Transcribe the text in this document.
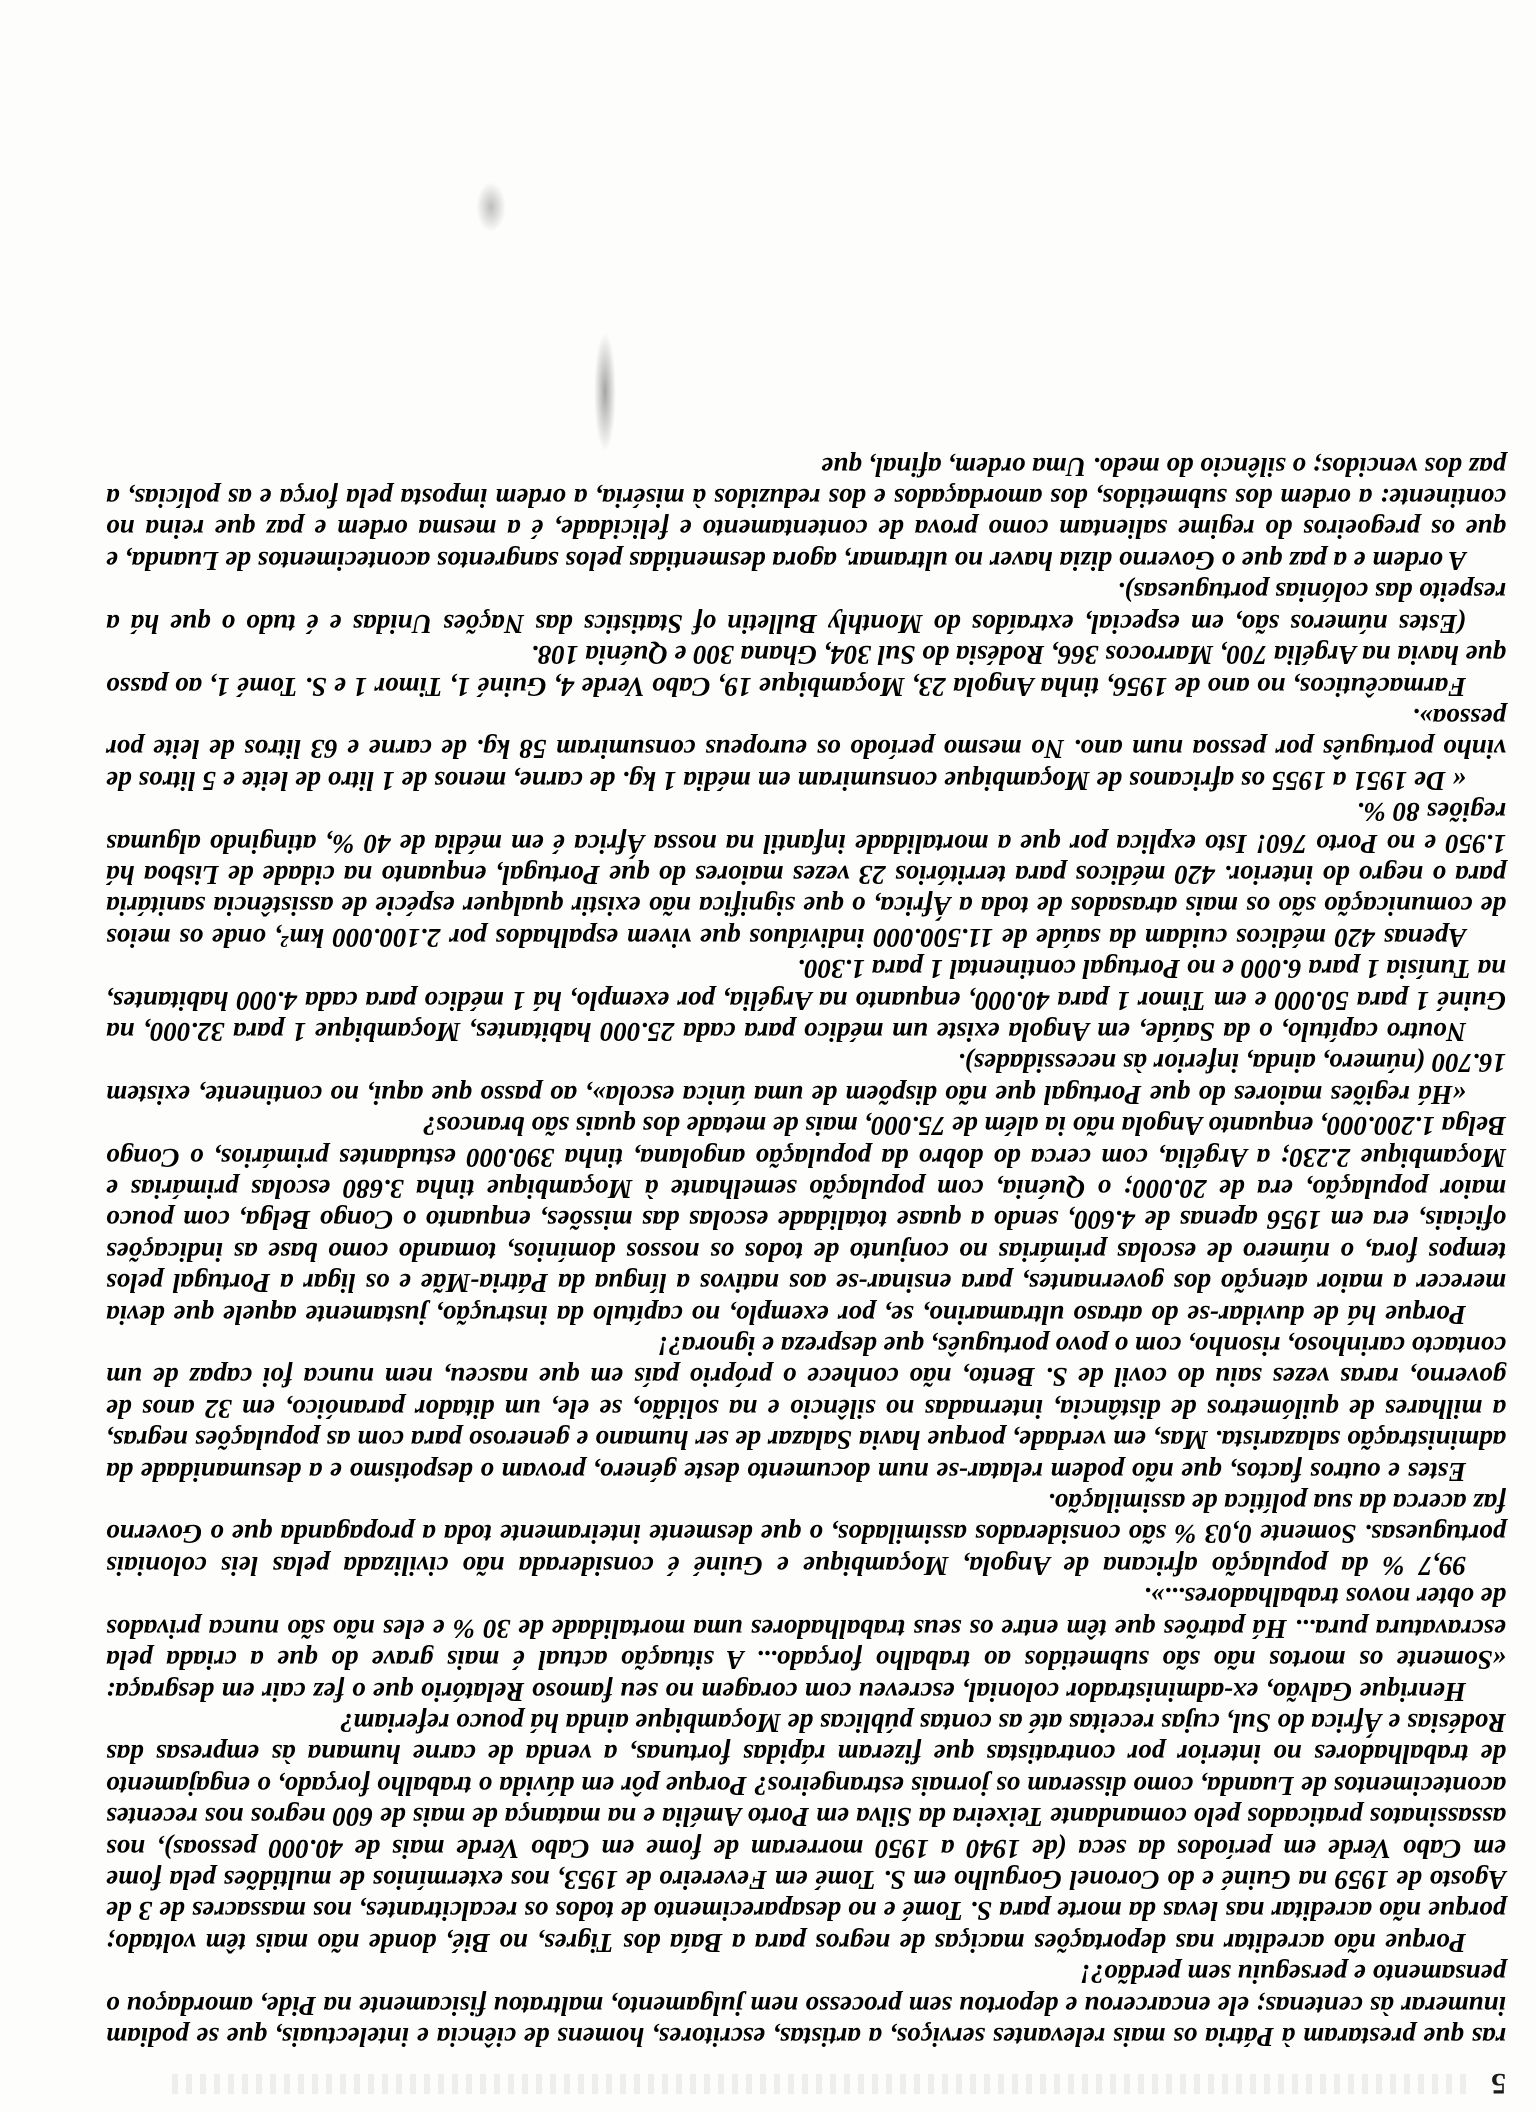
5

ras que prestaram à Pátria os mais relevantes serviços, a artistas, escritores, homens de ciência e intelectuais, que se podiam inumerar às centenas; ele encarcerou e deportou sem processo nem julgamento, maltratou fisicamente na Pide, amordaçou o pensamento e perseguiu sem perdão?!

Porque não acreditar nas deportações maciças de negros para a Baía dos Tigres, no Bié, donde não mais têm voltado; porque não acreditar nas levas da morte para S. Tomé e no desaparecimento de todos os recalcitrantes, nos massacres de 3 de Agosto de 1959 na Guiné e do Coronel Gorgulho em S. Tomé em Fevereiro de 1953, nos extermínios de multidões pela fome em Cabo Verde em períodos da seca (de 1940 a 1950 morreram de fome em Cabo Verde mais de 40.000 pessoas), nos assassinatos praticados pelo comandante Teixeira da Silva em Porto Amélia e na matança de mais de 600 negros nos recentes acontecimentos de Luanda, como disseram os jornais estrangeiros? Porque pôr em dúvida o trabalho forçado, o engajamento de trabalhadores no interior por contratistas que fizeram rápidas fortunas, a venda de carne humana às empresas das Rodésias e África do Sul, cujas receitas até as contas públicas de Moçambique ainda há pouco referiam?

Henrique Galvão, ex-administrador colonial, escreveu com coragem no seu famoso Relatório que o fez cair em desgraça: «Somente os mortos não são submetidos ao trabalho forçado... A situação actual é mais grave do que a criada pela escravatura pura... Há patrões que têm entre os seus trabalhadores uma mortalidade de 30 % e eles não são nunca privados de obter novos trabalhadores...».

99,7 % da população africana de Angola, Moçambique e Guiné é considerada não civilizada pelas leis coloniais portuguesas. Somente 0,03 % são considerados assimilados, o que desmente inteiramente toda a propaganda que o Governo faz acerca da sua política de assimilação.

Estes e outros factos, que não podem relatar-se num documento deste género, provam o despotismo e a desumanidade da administração salazarista. Mas, em verdade, porque havia Salazar de ser humano e generoso para com as populações negras, a milhares de quilómetros de distância, internadas no silêncio e na solidão, se ele, um ditador paranóico, em 32 anos de governo, raras vezes saiu do covil de S. Bento, não conhece o próprio país em que nasceu, nem nunca foi capaz de um contacto carinhoso, risonho, com o povo português, que despreza e ignora?!

Porque há de duvidar-se do atraso ultramarino, se, por exemplo, no capítulo da instrução, justamente aquele que devia merecer a maior atenção dos governantes, para ensinar-se aos nativos a língua da Pátria-Mãe e os ligar a Portugal pelos tempos fora, o número de escolas primárias no conjunto de todos os nossos domínios, tomando como base as indicações oficiais, era em 1956 apenas de 4.600, sendo a quase totalidade escolas das missões, enquanto o Congo Belga, com pouco maior população, era de 20.000; o Quénia, com população semelhante à Moçambique tinha 3.680 escolas primárias e Moçambique 2.230; a Argélia, com cerca do dobro da população angolana, tinha 390.000 estudantes primários, o Congo Belga 1.200.000, enquanto Angola não ia além de 75.000, mais de metade dos quais são brancos?

«Há regiões maiores do que Portugal que não dispõem de uma única escola», ao passo que aqui, no continente, existem 16.700 (número, ainda, inferior às necessidades).

Noutro capítulo, o da Saúde, em Angola existe um médico para cada 25.000 habitantes, Moçambique 1 para 32.000, na Guiné 1 para 50.000 e em Timor 1 para 40.000, enquanto na Argélia, por exemplo, há 1 médico para cada 4.000 habitantes, na Tunísia 1 para 6.000 e no Portugal continental 1 para 1.300.

Apenas 420 médicos cuidam da saúde de 11.500.000 indivíduos que vivem espalhados por 2.100.000 km², onde os meios de comunicação são os mais atrasados de toda a África, o que significa não existir qualquer espécie de assistência sanitária para o negro do interior. 420 médicos para territórios 23 vezes maiores do que Portugal, enquanto na cidade de Lisboa há 1.950 e no Porto 760! Isto explica por que a mortalidade infantil na nossa África é em média de 40 %, atingindo algumas regiões 80 %.

« De 1951 a 1955 os africanos de Moçambique consumiram em média 1 kg. de carne, menos de 1 litro de leite e 5 litros de vinho português por pessoa num ano. No mesmo período os europeus consumiram 58 kg. de carne e 63 litros de leite por pessoa».

Farmacêuticos, no ano de 1956, tinha Angola 23, Moçambique 19, Cabo Verde 4, Guiné 1, Timor 1 e S. Tomé 1, ao passo que havia na Argélia 700, Marrocos 366, Rodésia do Sul 304, Ghana 300 e Quénia 108.

(Estes números são, em especial, extraídos do Monthly Bulletin of Statistics das Nações Unidas e é tudo o que há a respeito das colónias portuguesas).

A ordem e a paz que o Governo dizia haver no ultramar, agora desmentidas pelos sangrentos acontecimentos de Luanda, e que os pregoeiros do regime salientam como prova de contentamento e felicidade, é a mesma ordem e paz que reina no continente: a ordem dos submetidos, dos amordaçados e dos reduzidos à miséria, a ordem imposta pela força e as polícias, a paz dos vencidos; o silêncio do medo. Uma ordem, afinal, que
